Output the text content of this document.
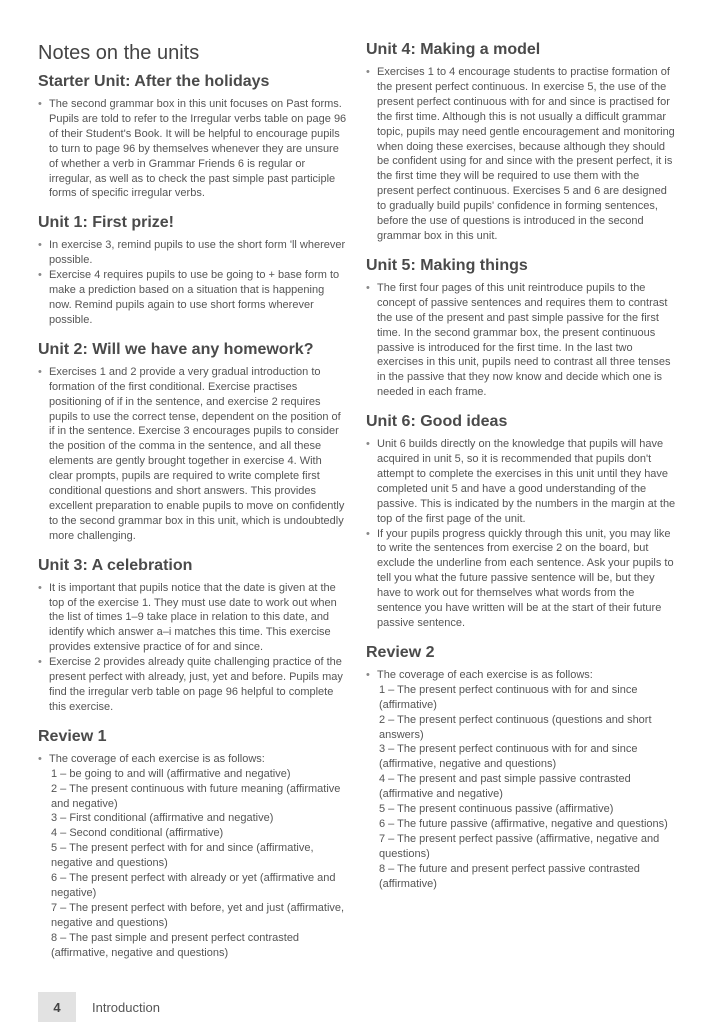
Notes on the units
Starter Unit: After the holidays
• The second grammar box in this unit focuses on Past forms. Pupils are told to refer to the Irregular verbs table on page 96 of their Student's Book. It will be helpful to encourage pupils to turn to page 96 by themselves whenever they are unsure of whether a verb in Grammar Friends 6 is regular or irregular, as well as to check the past simple past participle forms of specific irregular verbs.
Unit 1: First prize!
• In exercise 3, remind pupils to use the short form 'll wherever possible.
• Exercise 4 requires pupils to use be going to + base form to make a prediction based on a situation that is happening now. Remind pupils again to use short forms wherever possible.
Unit 2: Will we have any homework?
• Exercises 1 and 2 provide a very gradual introduction to formation of the first conditional. Exercise practises positioning of if in the sentence, and exercise 2 requires pupils to use the correct tense, dependent on the position of if in the sentence. Exercise 3 encourages pupils to consider the position of the comma in the sentence, and all these elements are gently brought together in exercise 4. With clear prompts, pupils are required to write complete first conditional questions and short answers. This provides excellent preparation to enable pupils to move on confidently to the second grammar box in this unit, which is undoubtedly more challenging.
Unit 3: A celebration
• It is important that pupils notice that the date is given at the top of the exercise 1. They must use date to work out when the list of times 1–9 take place in relation to this date, and identify which answer a–i matches this time. This exercise provides extensive practice of for and since.
• Exercise 2 provides already quite challenging practice of the present perfect with already, just, yet and before. Pupils may find the irregular verb table on page 96 helpful to complete this exercise.
Review 1
• The coverage of each exercise is as follows:
1 – be going to and will (affirmative and negative)
2 – The present continuous with future meaning (affirmative and negative)
3 – First conditional (affirmative and negative)
4 – Second conditional (affirmative)
5 – The present perfect with for and since (affirmative, negative and questions)
6 – The present perfect with already or yet (affirmative and negative)
7 – The present perfect with before, yet and just (affirmative, negative and questions)
8 – The past simple and present perfect contrasted (affirmative, negative and questions)
Unit 4: Making a model
• Exercises 1 to 4 encourage students to practise formation of the present perfect continuous. In exercise 5, the use of the present perfect continuous with for and since is practised for the first time. Although this is not usually a difficult grammar topic, pupils may need gentle encouragement and monitoring when doing these exercises, because although they should be confident using for and since with the present perfect, it is the first time they will be required to use them with the present perfect continuous. Exercises 5 and 6 are designed to gradually build pupils' confidence in forming sentences, before the use of questions is introduced in the second grammar box in this unit.
Unit 5: Making things
• The first four pages of this unit reintroduce pupils to the concept of passive sentences and requires them to contrast the use of the present and past simple passive for the first time. In the second grammar box, the present continuous passive is introduced for the first time. In the last two exercises in this unit, pupils need to contrast all three tenses in the passive that they now know and decide which one is needed in each frame.
Unit 6: Good ideas
• Unit 6 builds directly on the knowledge that pupils will have acquired in unit 5, so it is recommended that pupils don't attempt to complete the exercises in this unit until they have completed unit 5 and have a good understanding of the passive. This is indicated by the numbers in the margin at the top of the first page of the unit.
• If your pupils progress quickly through this unit, you may like to write the sentences from exercise 2 on the board, but exclude the underline from each sentence. Ask your pupils to tell you what the future passive sentence will be, but they have to work out for themselves what words from the sentence you have written will be at the start of their future passive sentence.
Review 2
• The coverage of each exercise is as follows:
1 – The present perfect continuous with for and since (affirmative)
2 – The present perfect continuous (questions and short answers)
3 – The present perfect continuous with for and since (affirmative, negative and questions)
4 – The present and past simple passive contrasted (affirmative and negative)
5 – The present continuous passive (affirmative)
6 – The future passive (affirmative, negative and questions)
7 – The present perfect passive (affirmative, negative and questions)
8 – The future and present perfect passive contrasted (affirmative)
4	Introduction
